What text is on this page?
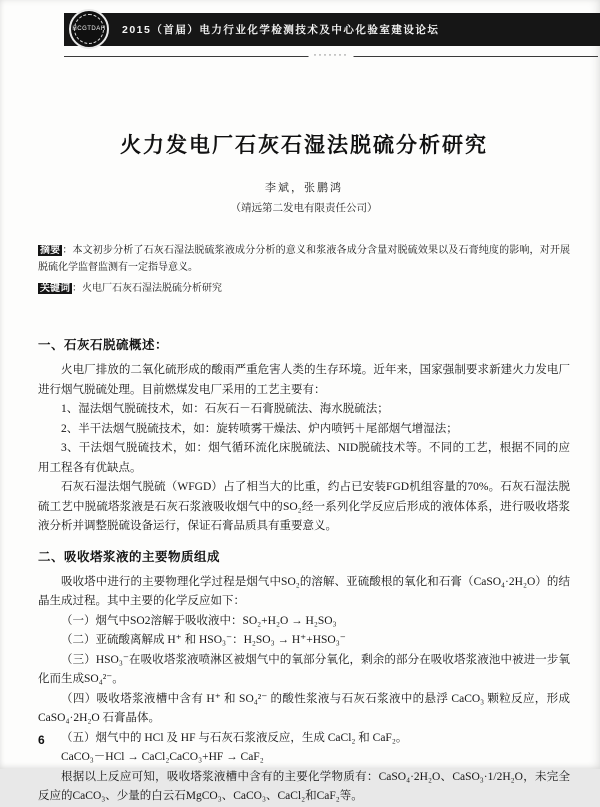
HCGTDAH 2015（首届）电力行业化学检测技术及中心化验室建设论坛
·······
火力发电厂石灰石湿法脱硫分析研究
李斌，张鹏鸿
（靖远第二发电有限责任公司）
摘要 ：本文初步分析了石灰石湿法脱硫浆液成分分析的意义和浆液各成分含量对脱硫效果以及石膏纯度的影响，对开展脱硫化学监督监测有一定指导意义。
关键词 ：火电厂石灰石湿法脱硫分析研究
一、石灰石脱硫概述：

火电厂排放的二氧化硫形成的酸雨严重危害人类的生存环境。近年来，国家强制要求新建火力发电厂进行烟气脱硫处理。目前燃煤发电厂采用的工艺主要有：

1、湿法烟气脱硫技术，如：石灰石－石膏脱硫法、海水脱硫法；

2、半干法烟气脱硫技术，如：旋转喷雾干燥法、炉内喷钙＋尾部烟气增湿法；

3、干法烟气脱硫技术，如：烟气循环流化床脱硫法、NID脱硫技术等。不同的工艺，根据不同的应用工程各有优缺点。

石灰石湿法烟气脱硫（WFGD）占了相当大的比重，约占已安装FGD机组容量的70%。石灰石湿法脱硫工艺中脱硫塔浆液是石灰石浆液吸收烟气中的SO₂经一系列化学反应后形成的液体体系，进行吸收塔浆液分析并调整脱硫设备运行，保证石膏品质具有重要意义。

二、吸收塔浆液的主要物质组成

吸收塔中进行的主要物理化学过程是烟气中SO₂的溶解、亚硫酸根的氧化和石膏（CaSO₄·2H₂O）的结晶生成过程。其中主要的化学反应如下：

（一）烟气中SO2溶解于吸收液中：SO₂+H₂O → H₂SO₃

（二）亚硫酸离解成 H⁺ 和 HSO₃⁻：H₂SO₃ → H⁺+HSO₃⁻

（三）HSO₃⁻在吸收塔浆液喷淋区被烟气中的氧部分氧化，剩余的部分在吸收塔浆液池中被进一步氧化而生成SO₄²⁻。

（四）吸收塔浆液槽中含有 H⁺ 和 SO₄²⁻ 的酸性浆液与石灰石浆液中的悬浮 CaCO₃ 颗粒反应，形成 CaSO₄·2H₂O 石膏晶体。

（五）烟气中的 HCl 及 HF 与石灰石浆液反应，生成 CaCl₂ 和 CaF₂。

CaCO₃－HCl → CaCl₂CaCO₃+HF → CaF₂

根据以上反应可知，吸收塔浆液槽中含有的主要化学物质有：CaSO₄·2H₂O、CaSO₃·1/2H₂O，未完全反应的CaCO₃、少量的白云石MgCO₃、CaCO₃、CaCl₂和CaF₂等。

6
